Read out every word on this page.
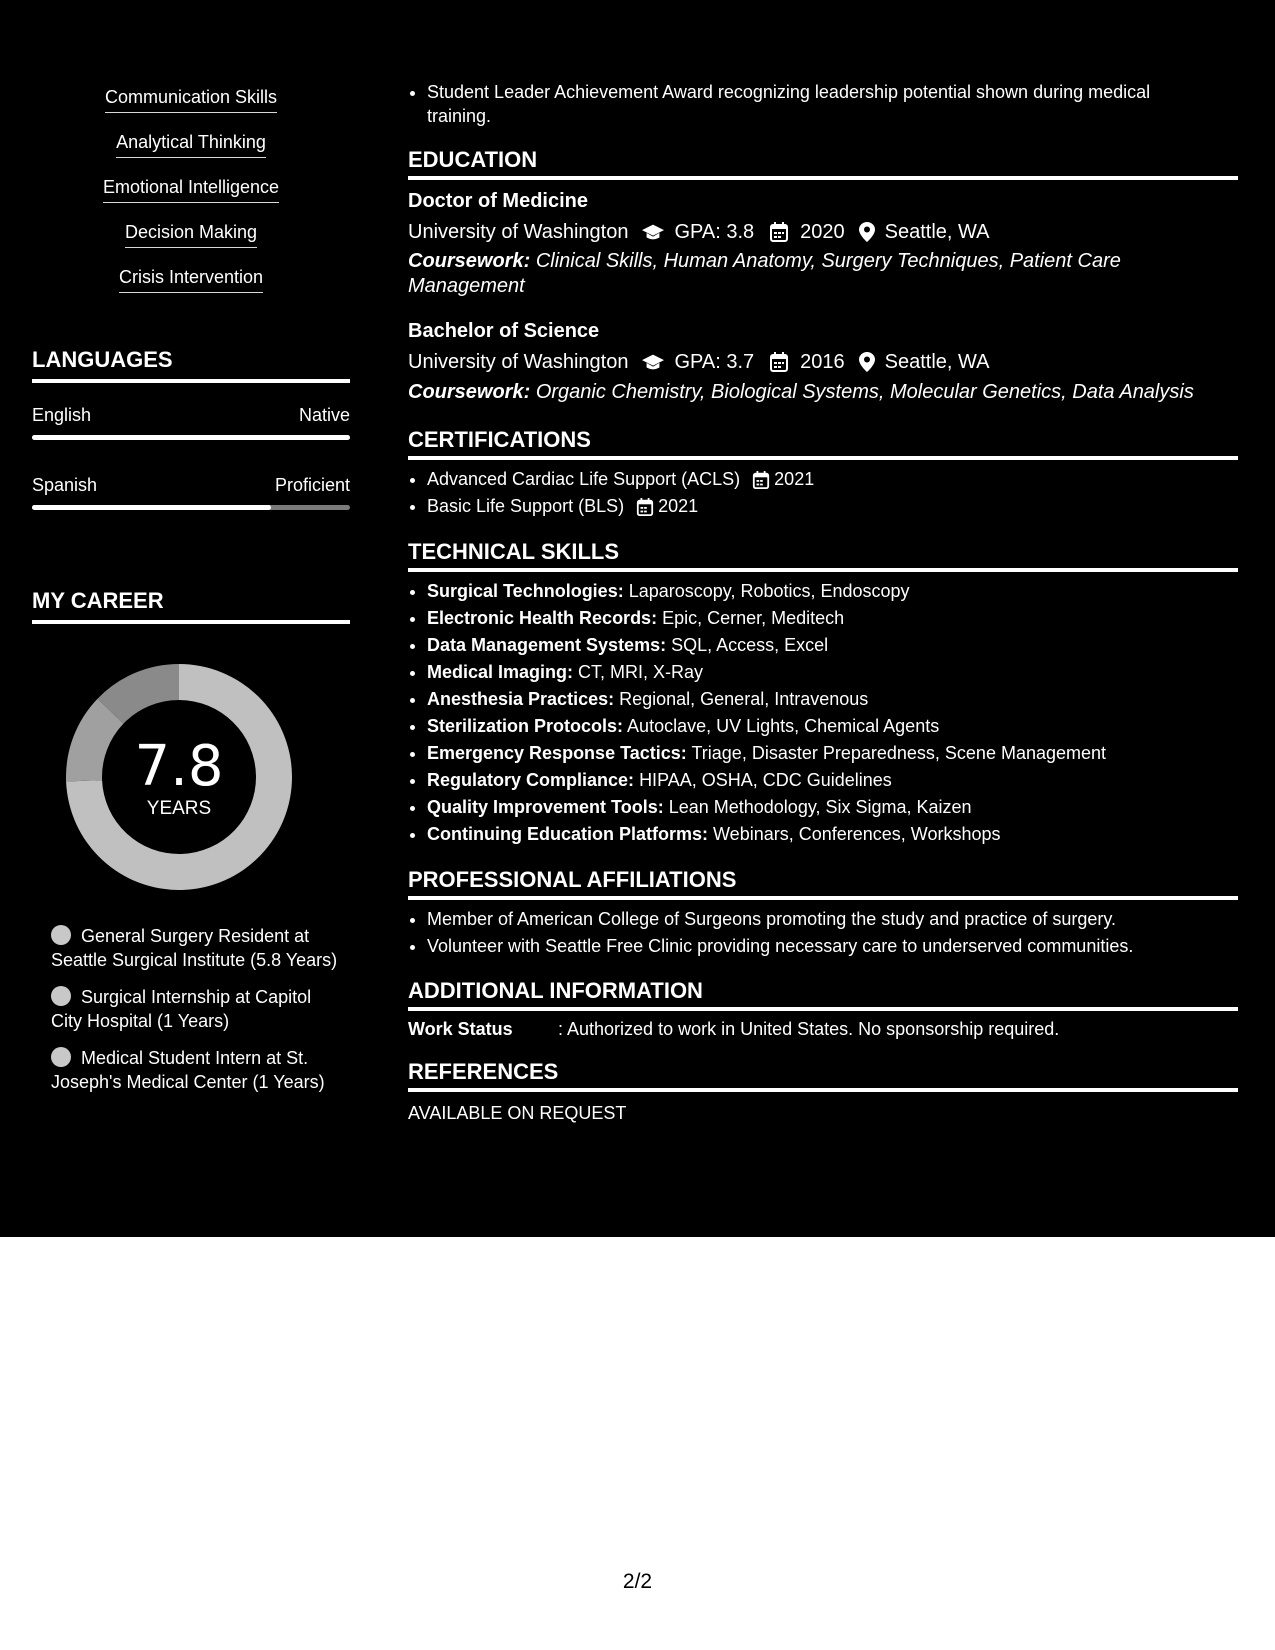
Communication Skills
Analytical Thinking
Emotional Intelligence
Decision Making
Crisis Intervention
LANGUAGES
English	Native
Spanish	Proficient
MY CAREER
7.8
YEARS
General Surgery Resident at Seattle Surgical Institute (5.8 Years)
Surgical Internship at Capitol City Hospital (1 Years)
Medical Student Intern at St. Joseph's Medical Center (1 Years)
• Student Leader Achievement Award recognizing leadership potential shown during medical training.
EDUCATION
Doctor of Medicine
University of Washington GPA: 3.8 2020 Seattle, WA
Coursework: Clinical Skills, Human Anatomy, Surgery Techniques, Patient Care Management
Bachelor of Science
University of Washington GPA: 3.7 2016 Seattle, WA
Coursework: Organic Chemistry, Biological Systems, Molecular Genetics, Data Analysis
CERTIFICATIONS
• Advanced Cardiac Life Support (ACLS) 2021
• Basic Life Support (BLS) 2021
TECHNICAL SKILLS
• Surgical Technologies: Laparoscopy, Robotics, Endoscopy
• Electronic Health Records: Epic, Cerner, Meditech
• Data Management Systems: SQL, Access, Excel
• Medical Imaging: CT, MRI, X-Ray
• Anesthesia Practices: Regional, General, Intravenous
• Sterilization Protocols: Autoclave, UV Lights, Chemical Agents
• Emergency Response Tactics: Triage, Disaster Preparedness, Scene Management
• Regulatory Compliance: HIPAA, OSHA, CDC Guidelines
• Quality Improvement Tools: Lean Methodology, Six Sigma, Kaizen
• Continuing Education Platforms: Webinars, Conferences, Workshops
PROFESSIONAL AFFILIATIONS
• Member of American College of Surgeons promoting the study and practice of surgery.
• Volunteer with Seattle Free Clinic providing necessary care to underserved communities.
ADDITIONAL INFORMATION
Work Status	: Authorized to work in United States. No sponsorship required.
REFERENCES
AVAILABLE ON REQUEST
2/2
